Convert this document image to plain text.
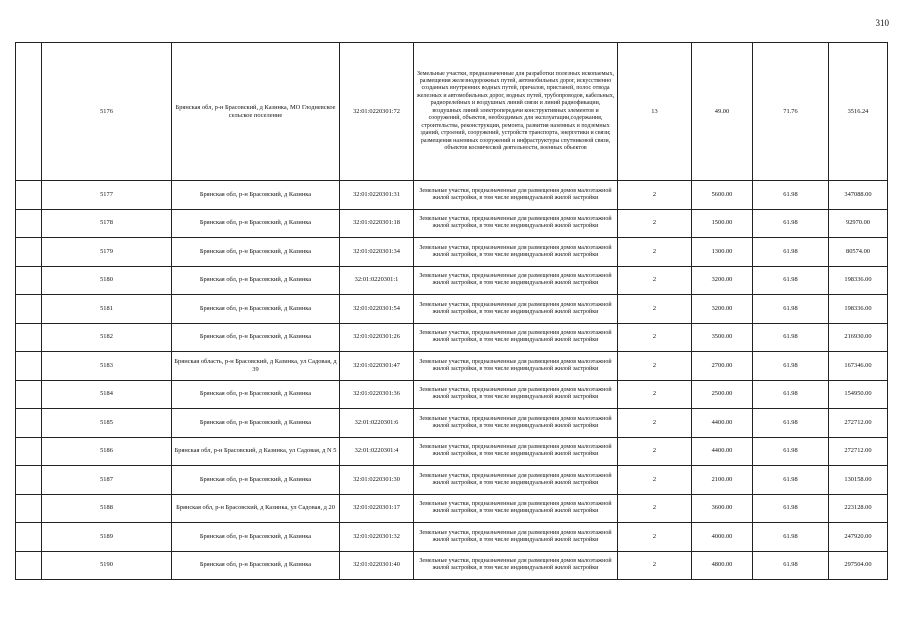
310
	5176	Брянская обл, р-н Брасовский, д Казинка, МО Глодневское сельское поселение	32:01:0220301:72	Земельные участки, предназначенные для разработки полезных ископаемых, размещения железнодорожных путей, автомобильных дорог, искусственно созданных внутренних водных путей, причалов, пристаней, полос отвода железных и автомобильных дорог, водных путей, трубопроводов, кабельных, радиорелейных и воздушных линий связи и линий радиофикации, воздушных линий электропередачи конструктивных элементов и сооружений, объектов, необходимых для эксплуатации,содержания, строительства, реконструкции, ремонта, развития наземных и подземных зданий, строений, сооружений, устройств транспорта, энергетики и связи; размещения наземных сооружений и инфраструктуры спутниковой связи, объектов космической деятельности, военных объектов	13	49.00	71.76	3516.24
	5177	Брянская обл, р-н Брасовский, д Казинка	32:01:0220301:31	Земельные участки, предназначенные для размещения домов малоэтажной жилой застройки, в том числе индивидуальной жилой застройки	2	5600.00	61.98	347088.00
	5178	Брянская обл, р-н Брасовский, д Казинка	32:01:0220301:18	Земельные участки, предназначенные для размещения домов малоэтажной жилой застройки, в том числе индивидуальной жилой застройки	2	1500.00	61.98	92970.00
	5179	Брянская обл, р-н Брасовский, д Казинка	32:01:0220301:34	Земельные участки, предназначенные для размещения домов малоэтажной жилой застройки, в том числе индивидуальной жилой застройки	2	1300.00	61.98	80574.00
	5180	Брянская обл, р-н Брасовский, д Казинка	32:01:0220301:1	Земельные участки, предназначенные для размещения домов малоэтажной жилой застройки, в том числе индивидуальной жилой застройки	2	3200.00	61.98	198336.00
	5181	Брянская обл, р-н Брасовский, д Казинка	32:01:0220301:54	Земельные участки, предназначенные для размещения домов малоэтажной жилой застройки, в том числе индивидуальной жилой застройки	2	3200.00	61.98	198336.00
	5182	Брянская обл, р-н Брасовский, д Казинка	32:01:0220301:26	Земельные участки, предназначенные для размещения домов малоэтажной жилой застройки, в том числе индивидуальной жилой застройки	2	3500.00	61.98	216930.00
	5183	Брянская область, р-н Брасовский, д Казинка, ул Садовая, д 39	32:01:0220301:47	Земельные участки, предназначенные для размещения домов малоэтажной жилой застройки, в том числе индивидуальной жилой застройки	2	2700.00	61.98	167346.00
	5184	Брянская обл, р-н Брасовский, д Казинка	32:01:0220301:36	Земельные участки, предназначенные для размещения домов малоэтажной жилой застройки, в том числе индивидуальной жилой застройки	2	2500.00	61.98	154950.00
	5185	Брянская обл, р-н Брасовский, д Казинка	32:01:0220301:6	Земельные участки, предназначенные для размещения домов малоэтажной жилой застройки, в том числе индивидуальной жилой застройки	2	4400.00	61.98	272712.00
	5186	Брянская обл, р-н Брасовский, д Казинка, ул Садовая, д N 5	32:01:0220301:4	Земельные участки, предназначенные для размещения домов малоэтажной жилой застройки, в том числе индивидуальной жилой застройки	2	4400.00	61.98	272712.00
	5187	Брянская обл, р-н Брасовский, д Казинка	32:01:0220301:30	Земельные участки, предназначенные для размещения домов малоэтажной жилой застройки, в том числе индивидуальной жилой застройки	2	2100.00	61.98	130158.00
	5188	Брянская обл, р-н Брасовский, д Казинка, ул Садовая, д 20	32:01:0220301:17	Земельные участки, предназначенные для размещения домов малоэтажной жилой застройки, в том числе индивидуальной жилой застройки	2	3600.00	61.98	223128.00
	5189	Брянская обл, р-н Брасовский, д Казинка	32:01:0220301:32	Земельные участки, предназначенные для размещения домов малоэтажной жилой застройки, в том числе индивидуальной жилой застройки	2	4000.00	61.98	247920.00
	5190	Брянская обл, р-н Брасовский, д Казинка	32:01:0220301:40	Земельные участки, предназначенные для размещения домов малоэтажной жилой застройки, в том числе индивидуальной жилой застройки	2	4800.00	61.98	297504.00
